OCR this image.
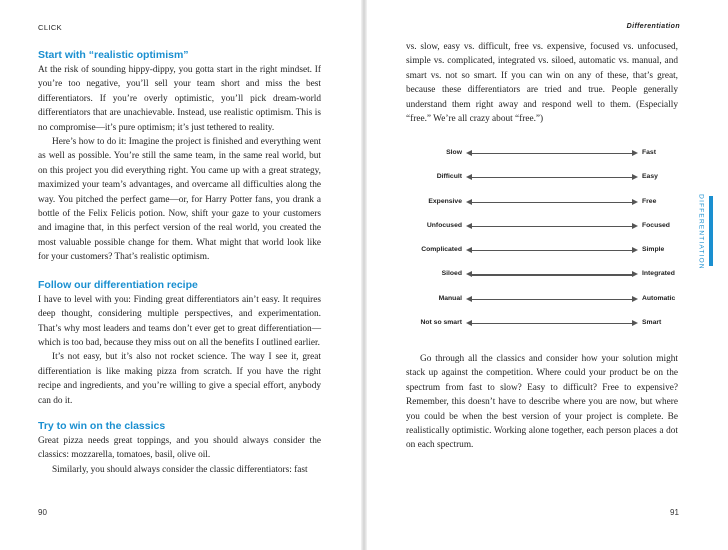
CLICK
Start with “realistic optimism”

At the risk of sounding hippy-dippy, you gotta start in the right mindset. If you’re too negative, you’ll sell your team short and miss the best differentiators. If you’re overly optimistic, you’ll pick dream-world differentiators that are unachievable. Instead, use realistic optimism. This is no compromise—it’s pure optimism; it’s just tethered to reality.

Here’s how to do it: Imagine the project is finished and everything went as well as possible. You’re still the same team, in the same real world, but on this project you did everything right. You came up with a great strategy, maximized your team’s advantages, and overcame all difficulties along the way. You pitched the perfect game—or, for Harry Potter fans, you drank a bottle of the Felix Felicis potion. Now, shift your gaze to your customers and imagine that, in this perfect version of the real world, you created the most valuable possible change for them. What might that world look like for your customers? That’s realistic optimism.

Follow our differentiation recipe

I have to level with you: Finding great differentiators ain’t easy. It requires deep thought, considering multiple perspectives, and experimentation. That’s why most leaders and teams don’t ever get to great differentiation—which is too bad, because they miss out on all the benefits I outlined earlier.

It’s not easy, but it’s also not rocket science. The way I see it, great differentiation is like making pizza from scratch. If you have the right recipe and ingredients, and you’re willing to give a special effort, anybody can do it.

Try to win on the classics

Great pizza needs great toppings, and you should always consider the classics: mozzarella, tomatoes, basil, olive oil.

Similarly, you should always consider the classic differentiators: fast

90
Differentiation

vs. slow, easy vs. difficult, free vs. expensive, focused vs. unfocused, simple vs. complicated, integrated vs. siloed, automatic vs. manual, and smart vs. not so smart. If you can win on any of these, that’s great, because these differentiators are tried and true. People generally understand them right away and respond well to them. (Especially “free.” We’re all crazy about “free.”)

Slow	Fast
Difficult	Easy
Expensive	Free
Unfocused	Focused
Complicated	Simple
Siloed	Integrated
Manual	Automatic
Not so smart	Smart

Go through all the classics and consider how your solution might stack up against the competition. Where could your product be on the spectrum from fast to slow? Easy to difficult? Free to expensive? Remember, this doesn’t have to describe where you are now, but where you could be when the best version of your project is complete. Be realistically optimistic. Working alone together, each person places a dot on each spectrum.

DIFFERENTIATION
91
